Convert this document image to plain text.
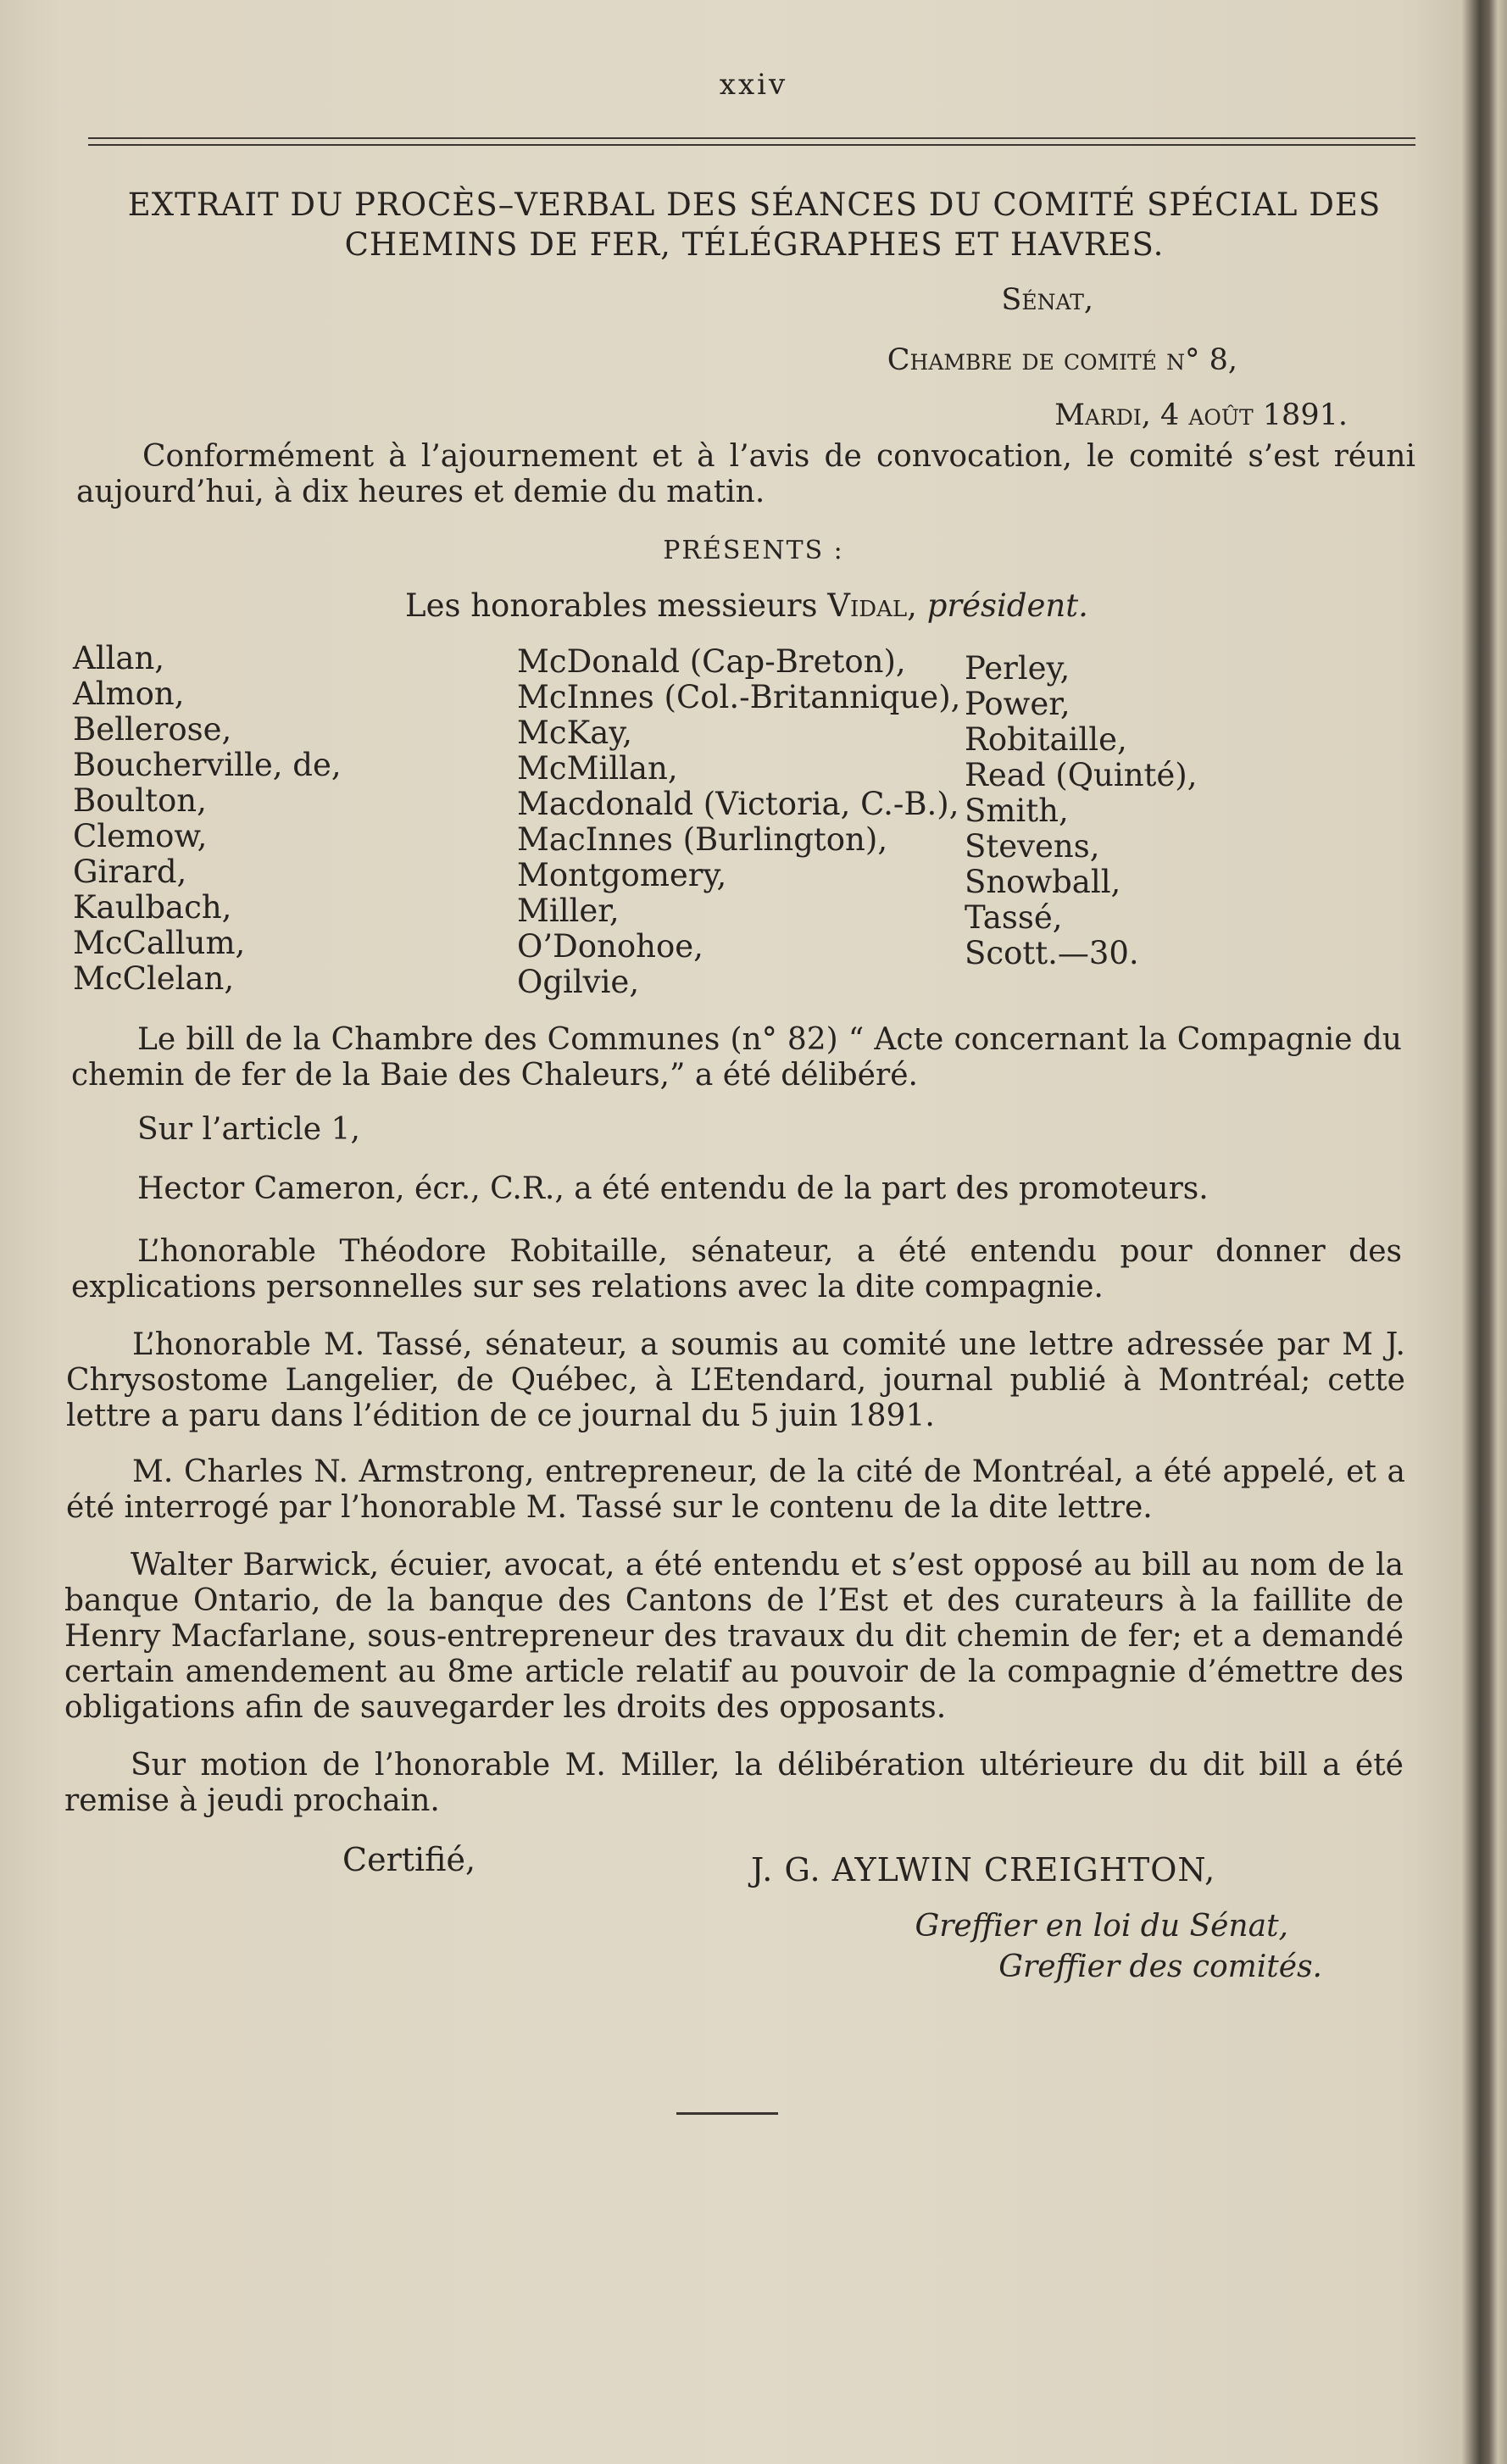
xxiv
EXTRAIT DU PROCÈS–VERBAL DES SÉANCES DU COMITÉ SPÉCIAL DES
CHEMINS DE FER, TÉLÉGRAPHES ET HAVRES.
Sénat,
Chambre de comité n° 8,
Mardi, 4 août 1891.
Conformément à l’ajournement et à l’avis de convocation, le comité s’est réuni aujourd’hui, à dix heures et demie du matin.
PRÉSENTS :
Les honorables messieurs Vidal, président.
Allan,
Almon,
Bellerose,
Boucherville, de,
Boulton,
Clemow,
Girard,
Kaulbach,
McCallum,
McClelan,
McDonald (Cap-Breton),
McInnes (Col.-Britannique),
McKay,
McMillan,
Macdonald (Victoria, C.-B.),
MacInnes (Burlington),
Montgomery,
Miller,
O’Donohoe,
Ogilvie,
Perley,
Power,
Robitaille,
Read (Quinté),
Smith,
Stevens,
Snowball,
Tassé,
Scott.—30.
Le bill de la Chambre des Communes (n° 82) “ Acte concernant la Compagnie du chemin de fer de la Baie des Chaleurs,” a été délibéré.
Sur l’article 1,
Hector Cameron, écr., C.R., a été entendu de la part des promoteurs.
L’honorable Théodore Robitaille, sénateur, a été entendu pour donner des explications personnelles sur ses relations avec la dite compagnie.
L’honorable M. Tassé, sénateur, a soumis au comité une lettre adressée par M J. Chrysostome Langelier, de Québec, à L’Etendard, journal publié à Montréal; cette lettre a paru dans l’édition de ce journal du 5 juin 1891.
M. Charles N. Armstrong, entrepreneur, de la cité de Montréal, a été appelé, et a été interrogé par l’honorable M. Tassé sur le contenu de la dite lettre.
Walter Barwick, écuier, avocat, a été entendu et s’est opposé au bill au nom de la banque Ontario, de la banque des Cantons de l’Est et des curateurs à la faillite de Henry Macfarlane, sous-entrepreneur des travaux du dit chemin de fer; et a demandé certain amendement au 8me article relatif au pouvoir de la compagnie d’émettre des obligations afin de sauvegarder les droits des opposants.
Sur motion de l’honorable M. Miller, la délibération ultérieure du dit bill a été remise à jeudi prochain.
Certifié,	J. G. AYLWIN CREIGHTON,
Greffier en loi du Sénat,
Greffier des comités.
